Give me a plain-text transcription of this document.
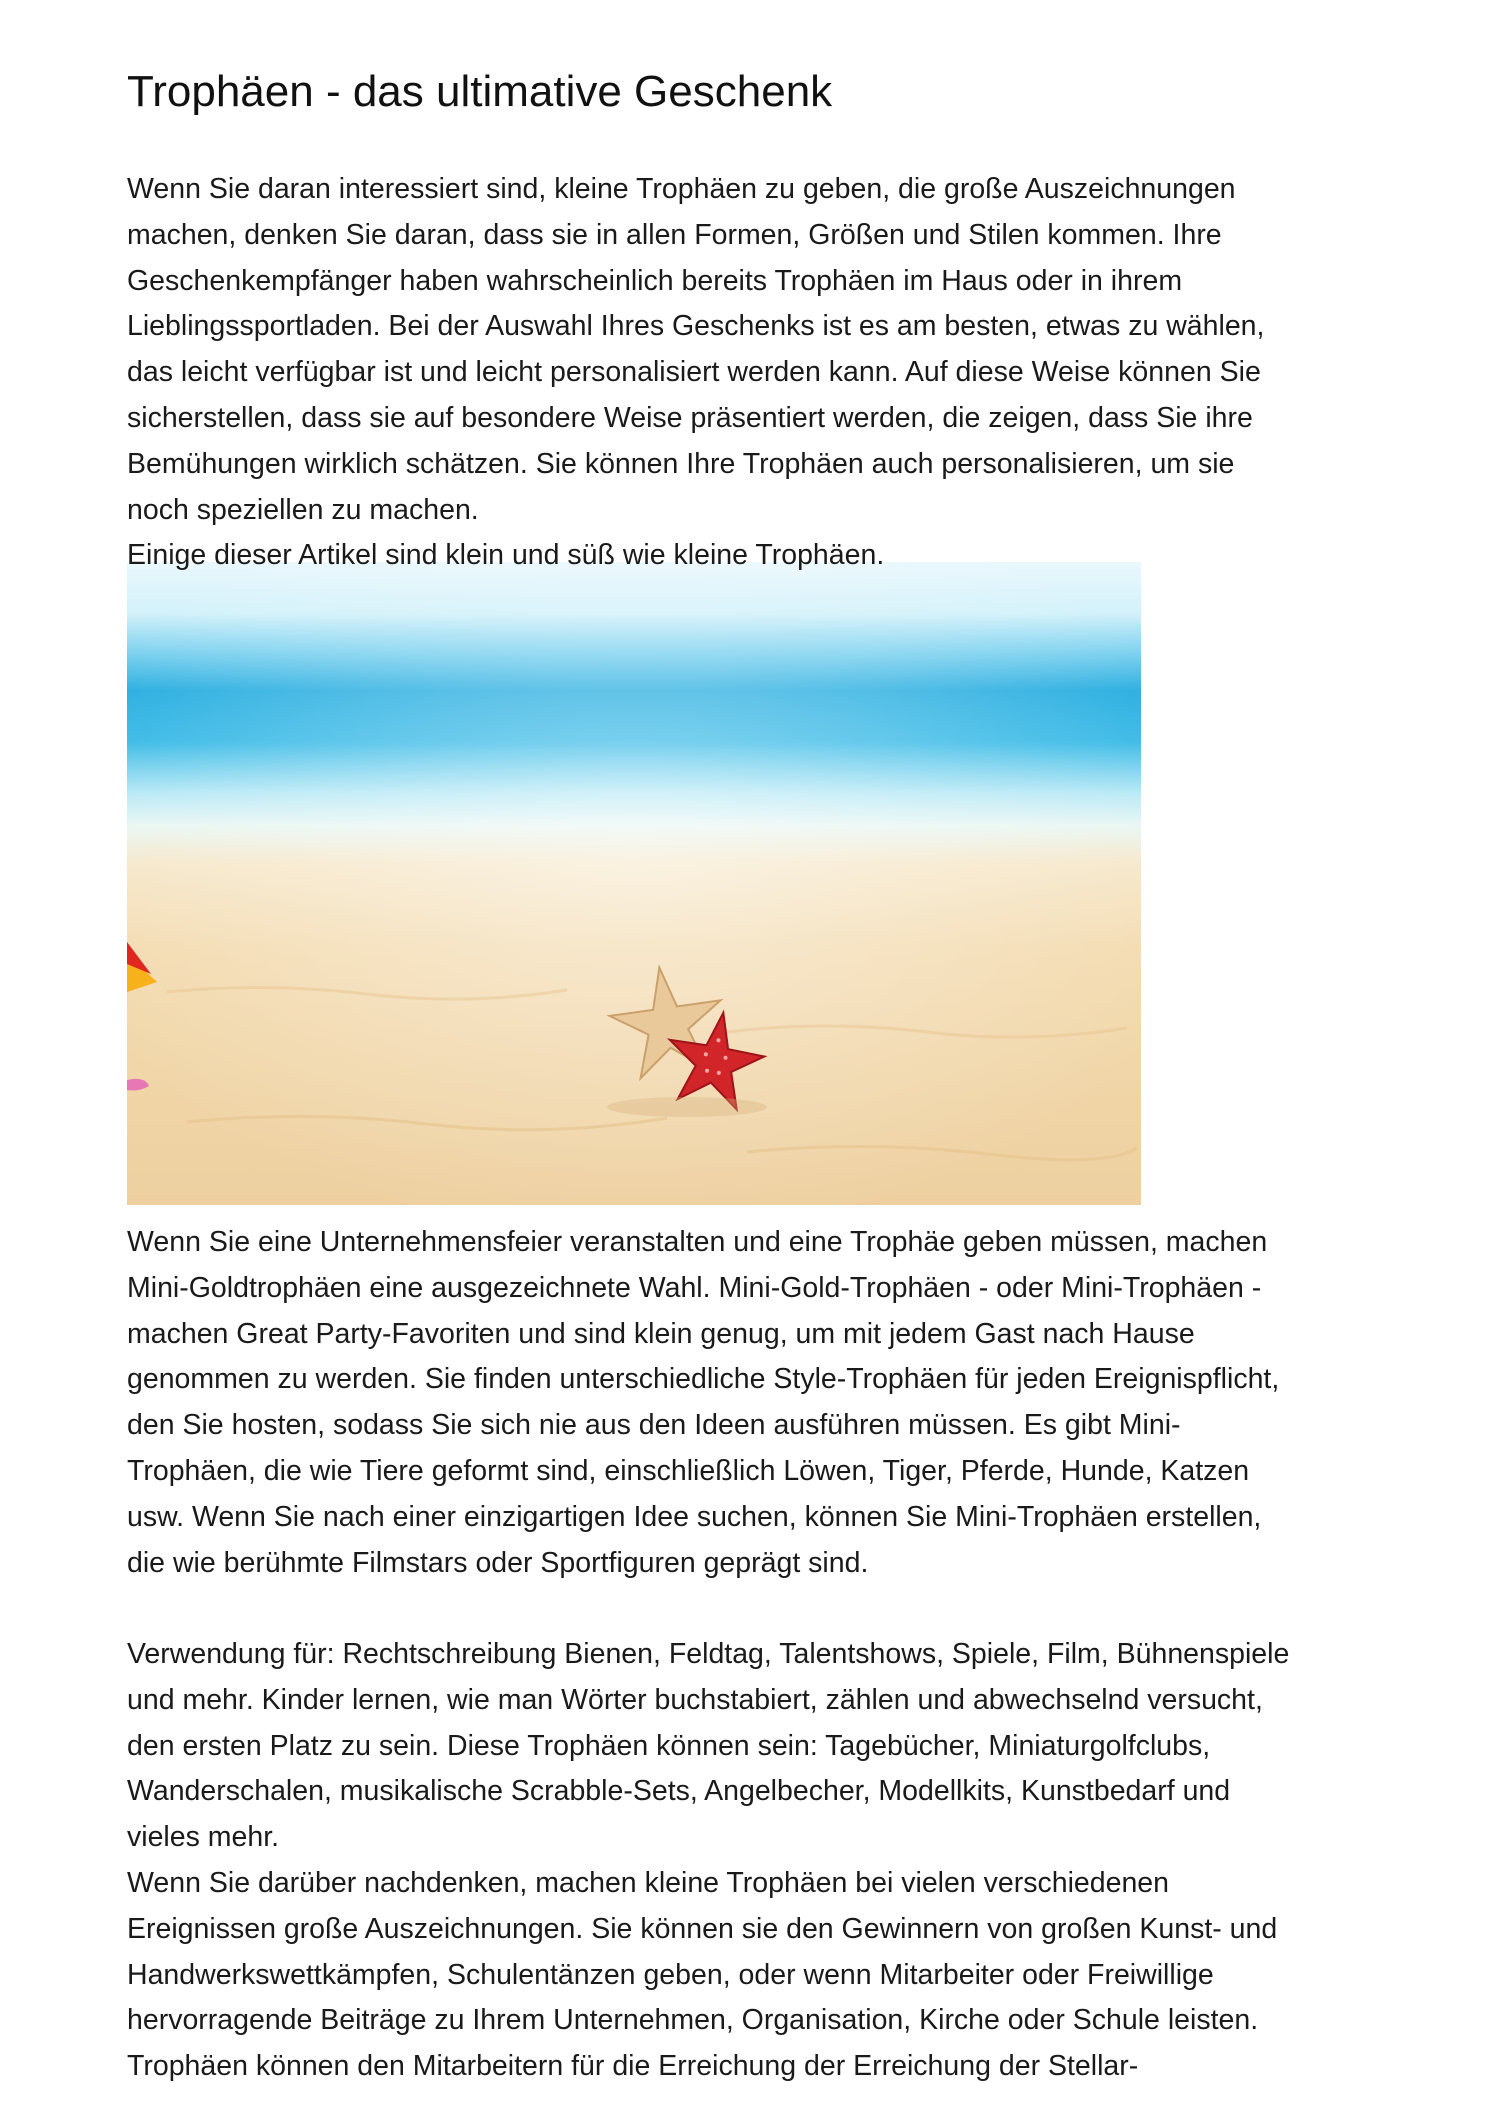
Trophäen - das ultimative Geschenk

Wenn Sie daran interessiert sind, kleine Trophäen zu geben, die große Auszeichnungen
machen, denken Sie daran, dass sie in allen Formen, Größen und Stilen kommen. Ihre
Geschenkempfänger haben wahrscheinlich bereits Trophäen im Haus oder in ihrem
Lieblingssportladen. Bei der Auswahl Ihres Geschenks ist es am besten, etwas zu wählen,
das leicht verfügbar ist und leicht personalisiert werden kann. Auf diese Weise können Sie
sicherstellen, dass sie auf besondere Weise präsentiert werden, die zeigen, dass Sie ihre
Bemühungen wirklich schätzen. Sie können Ihre Trophäen auch personalisieren, um sie
noch speziellen zu machen.

Einige dieser Artikel sind klein und süß wie kleine Trophäen.

Wenn Sie eine Unternehmensfeier veranstalten und eine Trophäe geben müssen, machen
Mini-Goldtrophäen eine ausgezeichnete Wahl. Mini-Gold-Trophäen - oder Mini-Trophäen -
machen Great Party-Favoriten und sind klein genug, um mit jedem Gast nach Hause
genommen zu werden. Sie finden unterschiedliche Style-Trophäen für jeden Ereignispflicht,
den Sie hosten, sodass Sie sich nie aus den Ideen ausführen müssen. Es gibt Mini-
Trophäen, die wie Tiere geformt sind, einschließlich Löwen, Tiger, Pferde, Hunde, Katzen
usw. Wenn Sie nach einer einzigartigen Idee suchen, können Sie Mini-Trophäen erstellen,
die wie berühmte Filmstars oder Sportfiguren geprägt sind.

Verwendung für: Rechtschreibung Bienen, Feldtag, Talentshows, Spiele, Film, Bühnenspiele
und mehr. Kinder lernen, wie man Wörter buchstabiert, zählen und abwechselnd versucht,
den ersten Platz zu sein. Diese Trophäen können sein: Tagebücher, Miniaturgolfclubs,
Wanderschalen, musikalische Scrabble-Sets, Angelbecher, Modellkits, Kunstbedarf und
vieles mehr.

Wenn Sie darüber nachdenken, machen kleine Trophäen bei vielen verschiedenen
Ereignissen große Auszeichnungen. Sie können sie den Gewinnern von großen Kunst- und
Handwerkswettkämpfen, Schulentänzen geben, oder wenn Mitarbeiter oder Freiwillige
hervorragende Beiträge zu Ihrem Unternehmen, Organisation, Kirche oder Schule leisten.
Trophäen können den Mitarbeitern für die Erreichung der Erreichung der Stellar-
